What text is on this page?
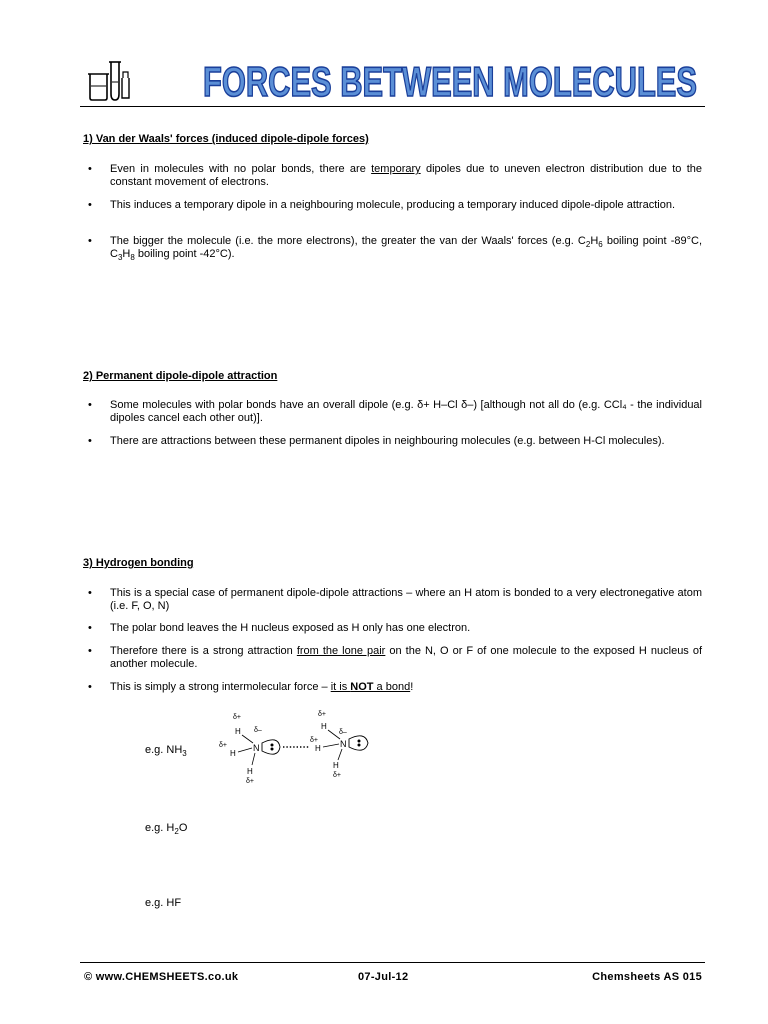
FORCES BETWEEN MOLECULES
1) Van der Waals' forces (induced dipole-dipole forces)
• Even in molecules with no polar bonds, there are temporary dipoles due to uneven electron distribution due to the constant movement of electrons.
• This induces a temporary dipole in a neighbouring molecule, producing a temporary induced dipole-dipole attraction.
• The bigger the molecule (i.e. the more electrons), the greater the van der Waals' forces (e.g. $C_2H_6$ boiling point -89°C, $C_3H_8$ boiling point -42°C).
2) Permanent dipole-dipole attraction
• Some molecules with polar bonds have an overall dipole (e.g. δ+ H–Cl δ–) [although not all do (e.g. CCl₄ - the individual dipoles cancel each other out)].
• There are attractions between these permanent dipoles in neighbouring molecules (e.g. between H-Cl molecules).
3) Hydrogen bonding
• This is a special case of permanent dipole-dipole attractions – where an H atom is bonded to a very electronegative atom (i.e. F, O, N)
• The polar bond leaves the H nucleus exposed as H only has one electron.
• Therefore there is a strong attraction from the lone pair on the N, O or F of one molecule to the exposed H nucleus of another molecule.
• This is simply a strong intermolecular force – it is NOT a bond!
δ+
H δ–
δ+
H
N
H
δ+
δ+
H
δ–
δ+
H N
H
δ+
e.g. $NH_3$
e.g. $H_2O$
e.g. HF
© www.CHEMSHEETS.co.uk	07-Jul-12	Chemsheets AS 015
